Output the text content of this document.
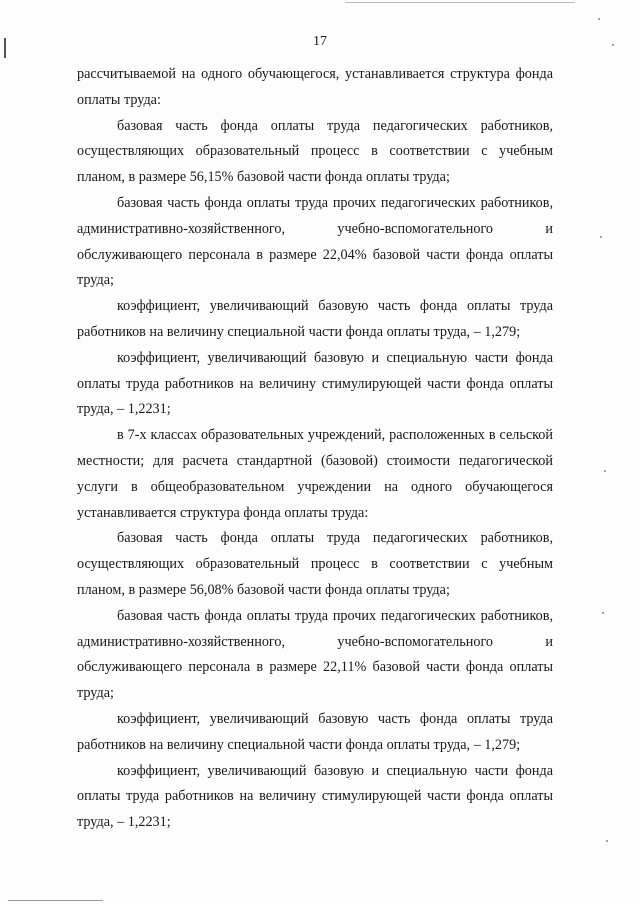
17

рассчитываемой на одного обучающегося, устанавливается структура фонда оплаты труда:

базовая часть фонда оплаты труда педагогических работников, осуществляющих образовательный процесс в соответствии с учебным планом, в размере 56,15% базовой части фонда оплаты труда;

базовая часть фонда оплаты труда прочих педагогических работников, административно-хозяйственного, учебно-вспомогательного и обслуживающего персонала в размере 22,04% базовой части фонда оплаты труда;

коэффициент, увеличивающий базовую часть фонда оплаты труда работников на величину специальной части фонда оплаты труда, – 1,279;

коэффициент, увеличивающий базовую и специальную части фонда оплаты труда работников на величину стимулирующей части фонда оплаты труда, – 1,2231;

в 7-х классах образовательных учреждений, расположенных в сельской местности; для расчета стандартной (базовой) стоимости педагогической услуги в общеобразовательном учреждении на одного обучающегося устанавливается структура фонда оплаты труда:

базовая часть фонда оплаты труда педагогических работников, осуществляющих образовательный процесс в соответствии с учебным планом, в размере 56,08% базовой части фонда оплаты труда;

базовая часть фонда оплаты труда прочих педагогических работников, административно-хозяйственного, учебно-вспомогательного и обслуживающего персонала в размере 22,11% базовой части фонда оплаты труда;

коэффициент, увеличивающий базовую часть фонда оплаты труда работников на величину специальной части фонда оплаты труда, – 1,279;

коэффициент, увеличивающий базовую и специальную части фонда оплаты труда работников на величину стимулирующей части фонда оплаты труда, – 1,2231;
